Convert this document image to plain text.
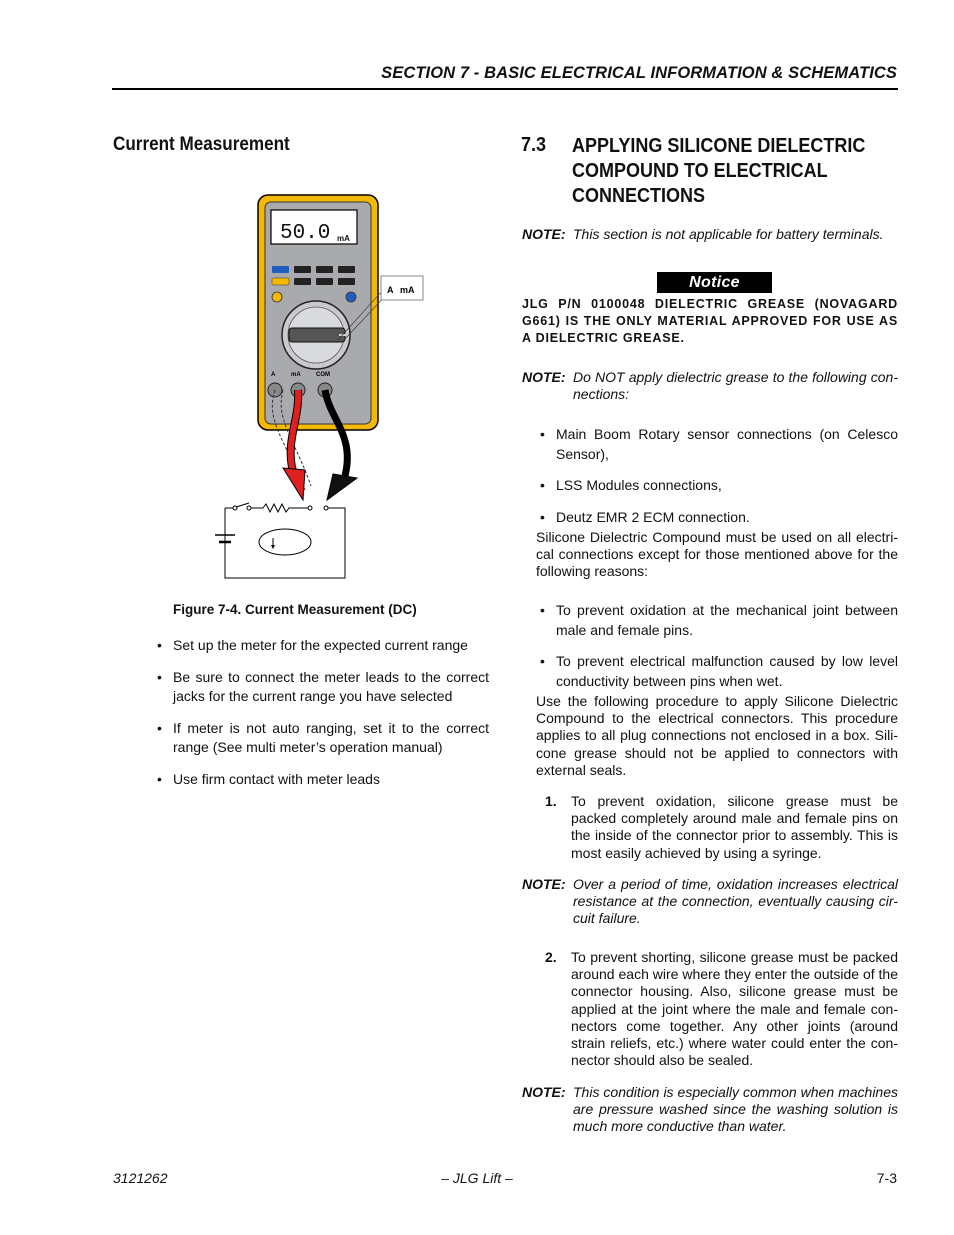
SECTION 7 - BASIC ELECTRICAL INFORMATION & SCHEMATICS
Current Measurement
50.0 mA
A	mA	COM
A mA
Figure 7-4. Current Measurement (DC)
• Set up the meter for the expected current range
• Be sure to connect the meter leads to the correct jacks for the current range you have selected
• If meter is not auto ranging, set it to the correct range (See multi meter’s operation manual)
• Use firm contact with meter leads
7.3 APPLYING SILICONE DIELECTRIC COMPOUND TO ELECTRICAL CONNECTIONS
NOTE: This section is not applicable for battery terminals.
Notice
JLG P/N 0100048 DIELECTRIC GREASE (NOVAGARD G661) IS THE ONLY MATERIAL APPROVED FOR USE AS A DIELECTRIC GREASE.
NOTE: Do NOT apply dielectric grease to the following con-nections:
• Main Boom Rotary sensor connections (on Celesco Sensor),
• LSS Modules connections,
• Deutz EMR 2 ECM connection.
Silicone Dielectric Compound must be used on all electri-cal connections except for those mentioned above for the following reasons:
• To prevent oxidation at the mechanical joint between male and female pins.
• To prevent electrical malfunction caused by low level conductivity between pins when wet.
Use the following procedure to apply Silicone Dielectric Compound to the electrical connectors. This procedure applies to all plug connections not enclosed in a box. Sili-cone grease should not be applied to connectors with external seals.
1.	To prevent oxidation, silicone grease must be packed completely around male and female pins on the inside of the connector prior to assembly. This is most easily achieved by using a syringe.
NOTE: Over a period of time, oxidation increases electrical resistance at the connection, eventually causing cir-cuit failure.
2.	To prevent shorting, silicone grease must be packed around each wire where they enter the outside of the connector housing. Also, silicone grease must be applied at the joint where the male and female con-nectors come together. Any other joints (around strain reliefs, etc.) where water could enter the con-nector should also be sealed.
NOTE: This condition is especially common when machines are pressure washed since the washing solution is much more conductive than water.
3121262	– JLG Lift –	7-3
